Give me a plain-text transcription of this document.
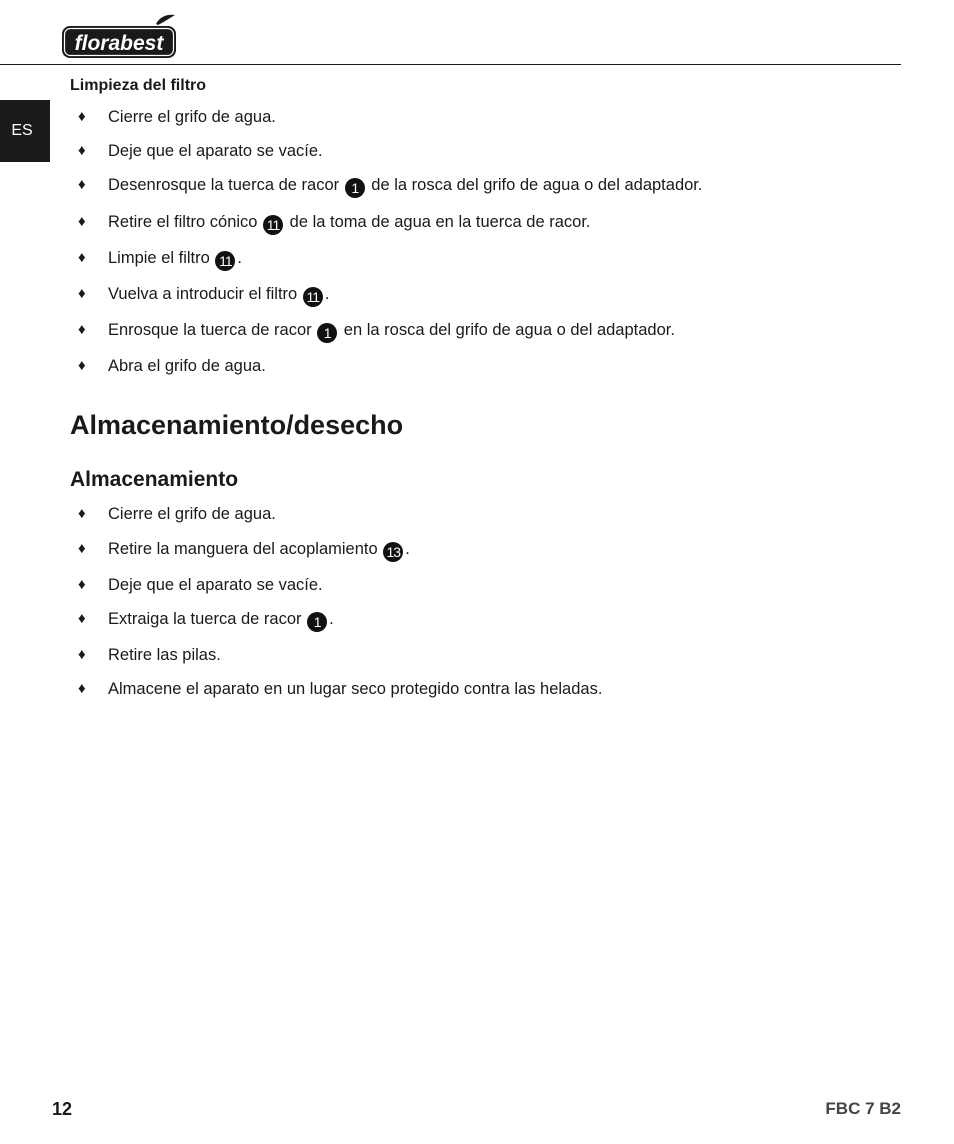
florabest
ES
Limpieza del filtro
♦ Cierre el grifo de agua.
♦ Deje que el aparato se vacíe.
♦ Desenrosque la tuerca de racor 1 de la rosca del grifo de agua o del adaptador.
♦ Retire el filtro cónico 11 de la toma de agua en la tuerca de racor.
♦ Limpie el filtro 11 .
♦ Vuelva a introducir el filtro 11 .
♦ Enrosque la tuerca de racor 1 en la rosca del grifo de agua o del adaptador.
♦ Abra el grifo de agua.
Almacenamiento/desecho
Almacenamiento
♦ Cierre el grifo de agua.
♦ Retire la manguera del acoplamiento 13 .
♦ Deje que el aparato se vacíe.
♦ Extraiga la tuerca de racor 1 .
♦ Retire las pilas.
♦ Almacene el aparato en un lugar seco protegido contra las heladas.
12	FBC 7 B2
